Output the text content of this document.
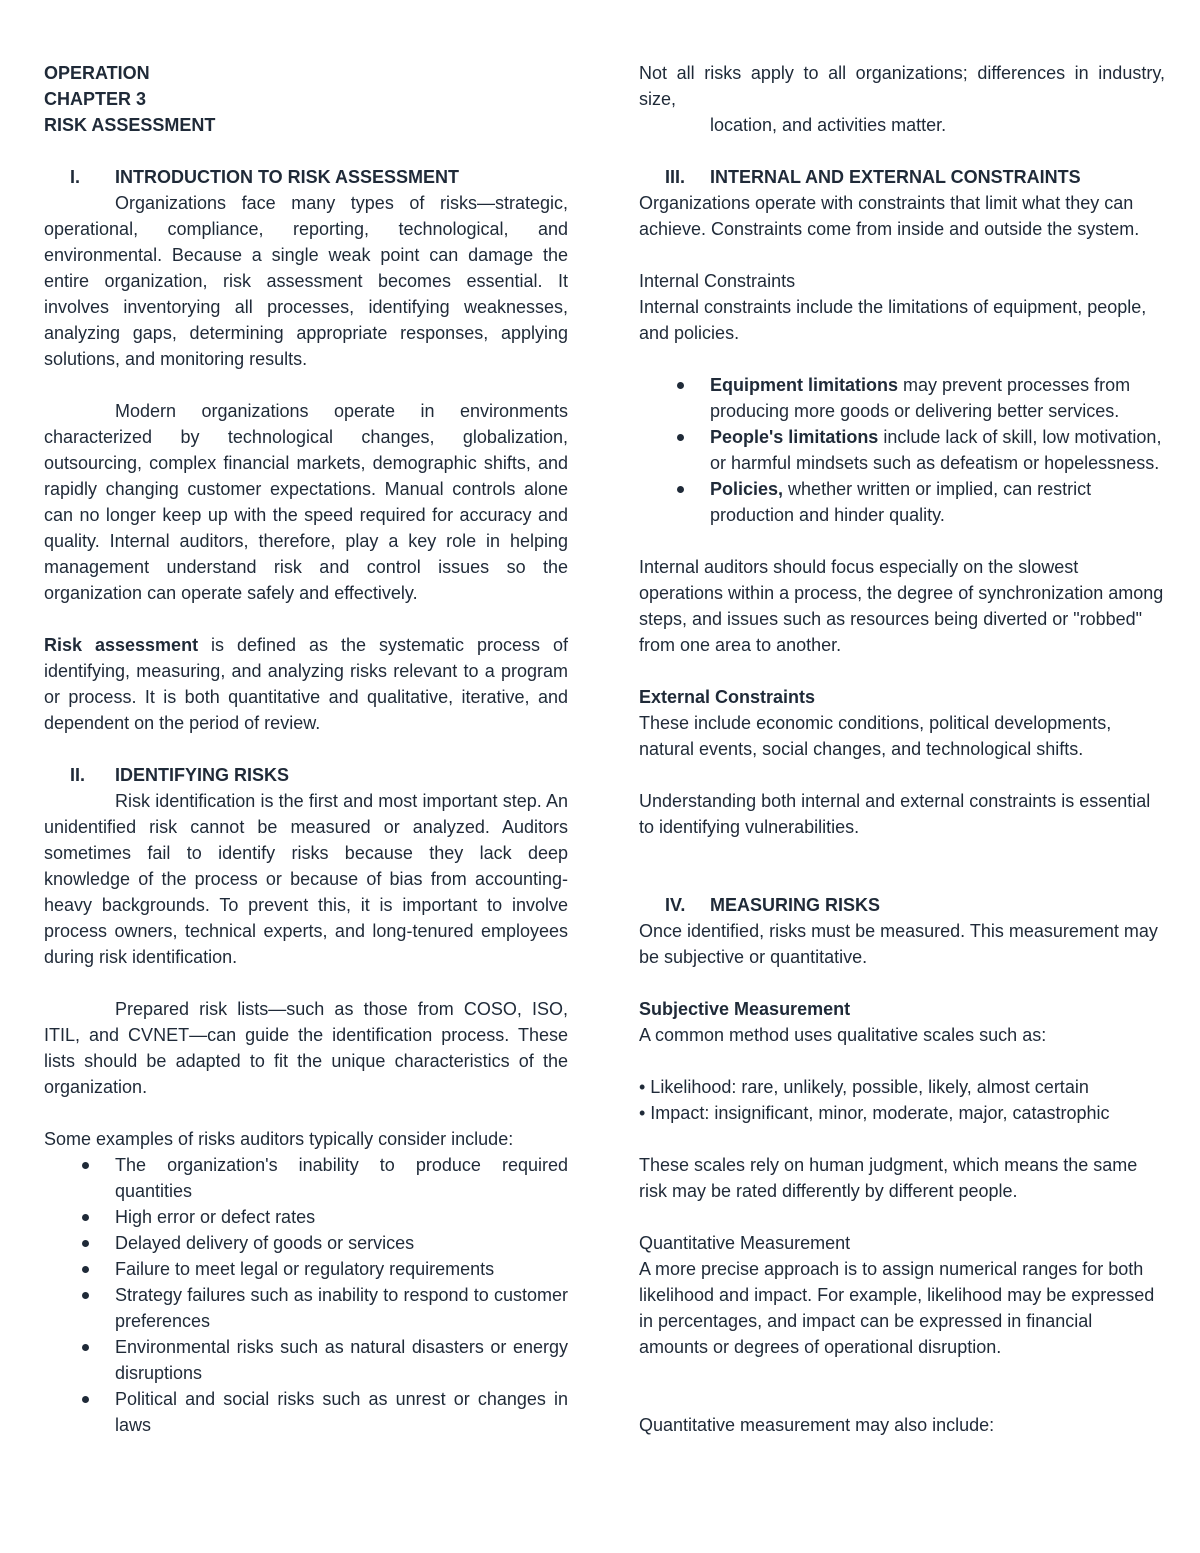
OPERATION
CHAPTER 3
RISK ASSESSMENT
I.	INTRODUCTION TO RISK ASSESSMENT
Organizations face many types of risks—strategic, operational, compliance, reporting, technological, and environmental. Because a single weak point can damage the entire organization, risk assessment becomes essential. It involves inventorying all processes, identifying weaknesses, analyzing gaps, determining appropriate responses, applying solutions, and monitoring results.
Modern organizations operate in environments characterized by technological changes, globalization, outsourcing, complex financial markets, demographic shifts, and rapidly changing customer expectations. Manual controls alone can no longer keep up with the speed required for accuracy and quality. Internal auditors, therefore, play a key role in helping management understand risk and control issues so the organization can operate safely and effectively.
Risk assessment is defined as the systematic process of identifying, measuring, and analyzing risks relevant to a program or process. It is both quantitative and qualitative, iterative, and dependent on the period of review.
II.	IDENTIFYING RISKS
Risk identification is the first and most important step. An unidentified risk cannot be measured or analyzed. Auditors sometimes fail to identify risks because they lack deep knowledge of the process or because of bias from accounting-heavy backgrounds. To prevent this, it is important to involve process owners, technical experts, and long-tenured employees during risk identification.
Prepared risk lists—such as those from COSO, ISO, ITIL, and CVNET—can guide the identification process. These lists should be adapted to fit the unique characteristics of the organization.
Some examples of risks auditors typically consider include:
The organization's inability to produce required quantities
High error or defect rates
Delayed delivery of goods or services
Failure to meet legal or regulatory requirements
Strategy failures such as inability to respond to customer preferences
Environmental risks such as natural disasters or energy disruptions
Political and social risks such as unrest or changes in laws
Not all risks apply to all organizations; differences in industry, size,
location, and activities matter.
III.	INTERNAL AND EXTERNAL CONSTRAINTS
Organizations operate with constraints that limit what they can achieve. Constraints come from inside and outside the system.
Internal Constraints
Internal constraints include the limitations of equipment, people, and policies.
Equipment limitations may prevent processes from producing more goods or delivering better services.
People's limitations include lack of skill, low motivation, or harmful mindsets such as defeatism or hopelessness.
Policies, whether written or implied, can restrict production and hinder quality.
Internal auditors should focus especially on the slowest operations within a process, the degree of synchronization among steps, and issues such as resources being diverted or "robbed" from one area to another.
External Constraints
These include economic conditions, political developments, natural events, social changes, and technological shifts.
Understanding both internal and external constraints is essential to identifying vulnerabilities.
IV.	MEASURING RISKS
Once identified, risks must be measured. This measurement may be subjective or quantitative.
Subjective Measurement
A common method uses qualitative scales such as:
• Likelihood: rare, unlikely, possible, likely, almost certain
• Impact: insignificant, minor, moderate, major, catastrophic
These scales rely on human judgment, which means the same risk may be rated differently by different people.
Quantitative Measurement
A more precise approach is to assign numerical ranges for both likelihood and impact. For example, likelihood may be expressed in percentages, and impact can be expressed in financial amounts or degrees of operational disruption.
Quantitative measurement may also include:
